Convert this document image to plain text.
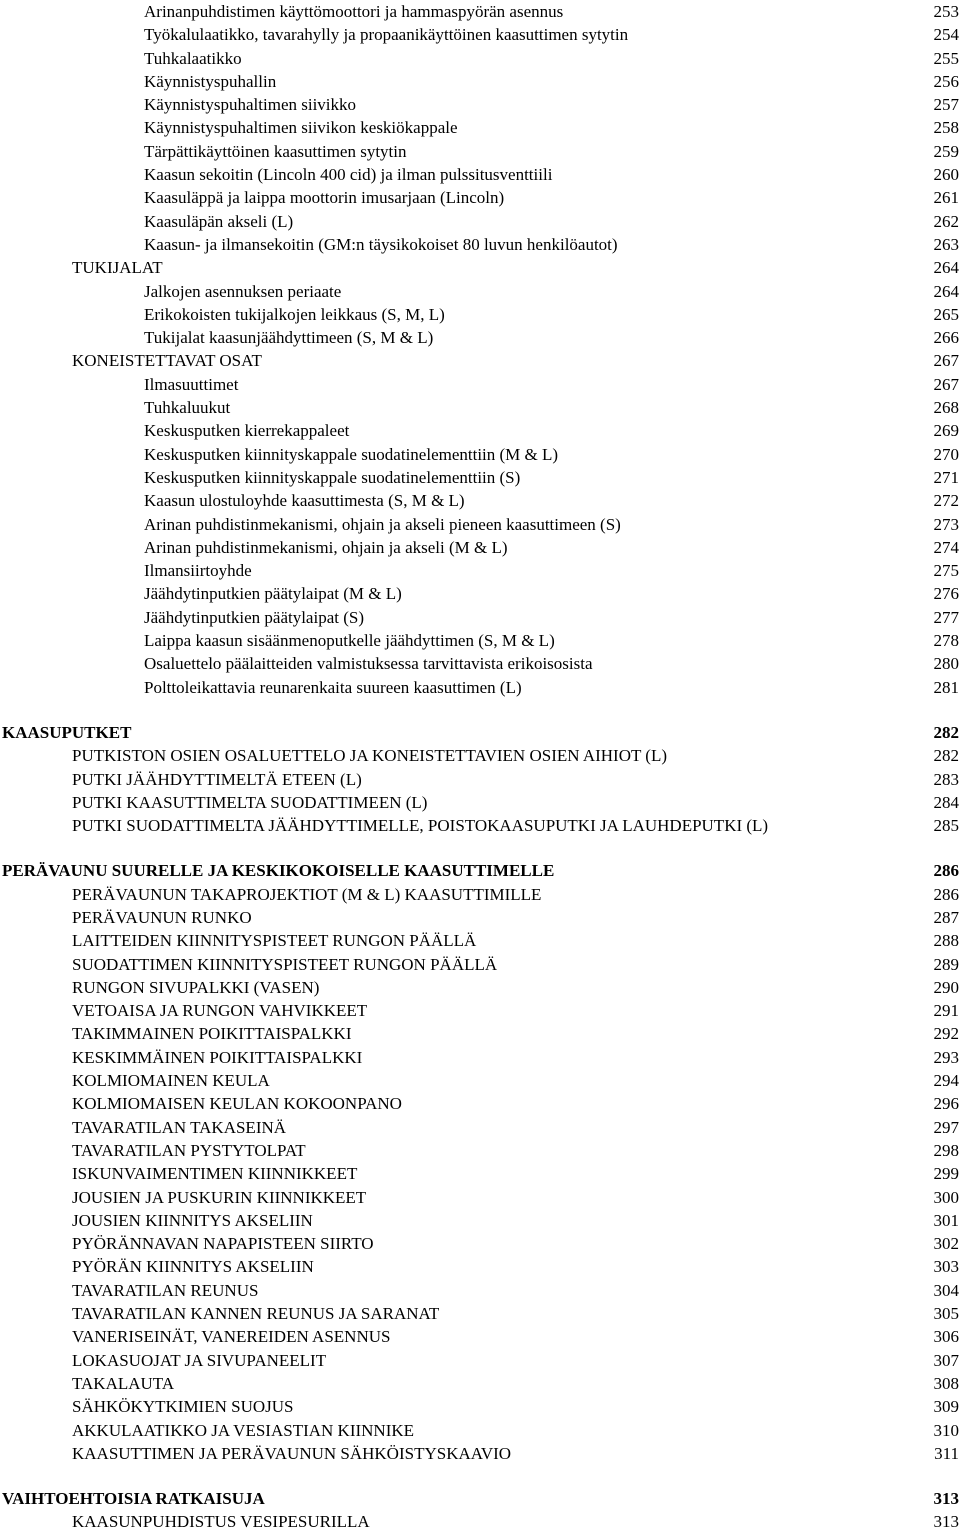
Arinanpuhdistimen käyttömoottori ja hammaspyörän asennus	253
Työkalulaatikko, tavarahylly ja propaanikäyttöinen kaasuttimen sytytin	254
Tuhkalaatikko	255
Käynnistyspuhallin	256
Käynnistyspuhaltimen siivikko	257
Käynnistyspuhaltimen siivikon keskiökappale	258
Tärpättikäyttöinen kaasuttimen sytytin	259
Kaasun sekoitin (Lincoln 400 cid) ja ilman pulssitusventtiili	260
Kaasuläppä ja laippa moottorin imusarjaan (Lincoln)	261
Kaasuläpän akseli (L)	262
Kaasun- ja ilmansekoitin (GM:n täysikokoiset 80 luvun henkilöautot)	263
TUKIJALAT	264
Jalkojen asennuksen periaate	264
Erikokoisten tukijalkojen leikkaus (S, M, L)	265
Tukijalat kaasunjäähdyttimeen (S, M & L)	266
KONEISTETTAVAT OSAT	267
Ilmasuuttimet	267
Tuhkaluukut	268
Keskusputken kierrekappaleet	269
Keskusputken kiinnityskappale suodatinelementtiin (M & L)	270
Keskusputken kiinnityskappale suodatinelementtiin (S)	271
Kaasun ulostuloyhde kaasuttimesta (S, M & L)	272
Arinan puhdistinmekanismi, ohjain ja akseli pieneen kaasuttimeen (S)	273
Arinan puhdistinmekanismi, ohjain ja akseli (M & L)	274
Ilmansiirtoyhde	275
Jäähdytinputkien päätylaipat (M & L)	276
Jäähdytinputkien päätylaipat (S)	277
Laippa kaasun sisäänmenoputkelle jäähdyttimen (S, M & L)	278
Osaluettelo päälaitteiden valmistuksessa tarvittavista erikoisosista	280
Polttoleikattavia reunarenkaita suureen kaasuttimen (L)	281
KAASUPUTKET	282
PUTKISTON OSIEN OSALUETTELO JA KONEISTETTAVIEN OSIEN AIHIOT (L)	282
PUTKI JÄÄHDYTTIMELTÄ ETEEN (L)	283
PUTKI KAASUTTIMELTA SUODATTIMEEN (L)	284
PUTKI SUODATTIMELTA JÄÄHDYTTIMELLE, POISTOKAASUPUTKI JA LAUHDEPUTKI (L)	285
PERÄVAUNU SUURELLE JA KESKIKOKOISELLE KAASUTTIMELLE	286
PERÄVAUNUN TAKAPROJEKTIOT (M & L) KAASUTTIMILLE	286
PERÄVAUNUN RUNKO	287
LAITTEIDEN KIINNITYSPISTEET RUNGON PÄÄLLÄ	288
SUODATTIMEN KIINNITYSPISTEET RUNGON PÄÄLLÄ	289
RUNGON SIVUPALKKI (VASEN)	290
VETOAISA JA RUNGON VAHVIKKEET	291
TAKIMMAINEN POIKITTAISPALKKI	292
KESKIMMÄINEN POIKITTAISPALKKI	293
KOLMIOMAINEN KEULA	294
KOLMIOMAISEN KEULAN KOKOONPANO	296
TAVARATILAN TAKASEINÄ	297
TAVARATILAN PYSTYTOLPAT	298
ISKUNVAIMENTIMEN KIINNIKKEET	299
JOUSIEN JA PUSKURIN KIINNIKKEET	300
JOUSIEN KIINNITYS AKSELIIN	301
PYÖRÄNNAVAN NAPAPISTEEN SIIRTO	302
PYÖRÄN KIINNITYS AKSELIIN	303
TAVARATILAN REUNUS	304
TAVARATILAN KANNEN REUNUS JA SARANAT	305
VANERISEINÄT, VANEREIDEN ASENNUS	306
LOKASUOJAT JA SIVUPANEELIT	307
TAKALAUTA	308
SÄHKÖKYTKIMIEN SUOJUS	309
AKKULAATIKKO JA VESIASTIAN KIINNIKE	310
KAASUTTIMEN JA PERÄVAUNUN SÄHKÖISTYSKAAVIO	311
VAIHTOEHTOISIA RATKAISUJA	313
KAASUNPUHDISTUS VESIPESURILLA	313
